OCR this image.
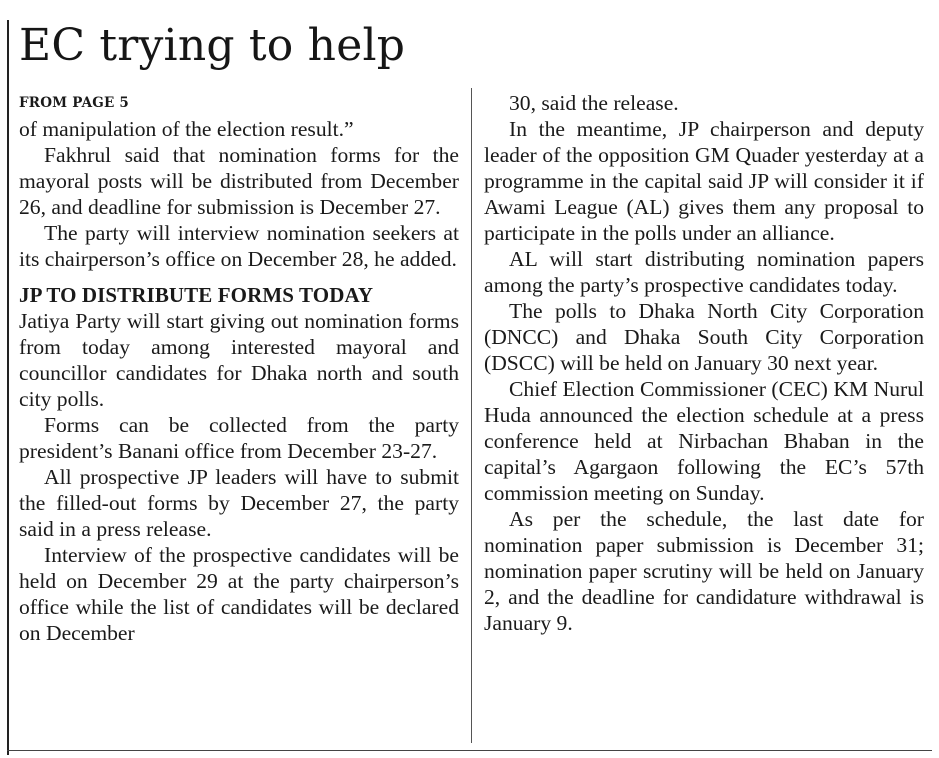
EC trying to help

FROM PAGE 5

of manipulation of the election result.”

Fakhrul said that nomination forms for the mayoral posts will be distributed from December 26, and deadline for submission is December 27.

The party will interview nomination seekers at its chairperson’s office on December 28, he added.

JP TO DISTRIBUTE FORMS TODAY

Jatiya Party will start giving out nomination forms from today among interested mayoral and councillor candidates for Dhaka north and south city polls.

Forms can be collected from the party president’s Banani office from December 23-27.

All prospective JP leaders will have to submit the filled-out forms by December 27, the party said in a press release.

Interview of the prospective candidates will be held on December 29 at the party chairperson’s office while the list of candidates will be declared on December

30, said the release.

In the meantime, JP chairperson and deputy leader of the opposition GM Quader yesterday at a programme in the capital said JP will consider it if Awami League (AL) gives them any proposal to participate in the polls under an alliance.

AL will start distributing nomination papers among the party’s prospective candidates today.

The polls to Dhaka North City Corporation (DNCC) and Dhaka South City Corporation (DSCC) will be held on January 30 next year.

Chief Election Commissioner (CEC) KM Nurul Huda announced the election schedule at a press conference held at Nirbachan Bhaban in the capital’s Agargaon following the EC’s 57th commission meeting on Sunday.

As per the schedule, the last date for nomination paper submission is December 31; nomination paper scrutiny will be held on January 2, and the deadline for candidature withdrawal is January 9.
